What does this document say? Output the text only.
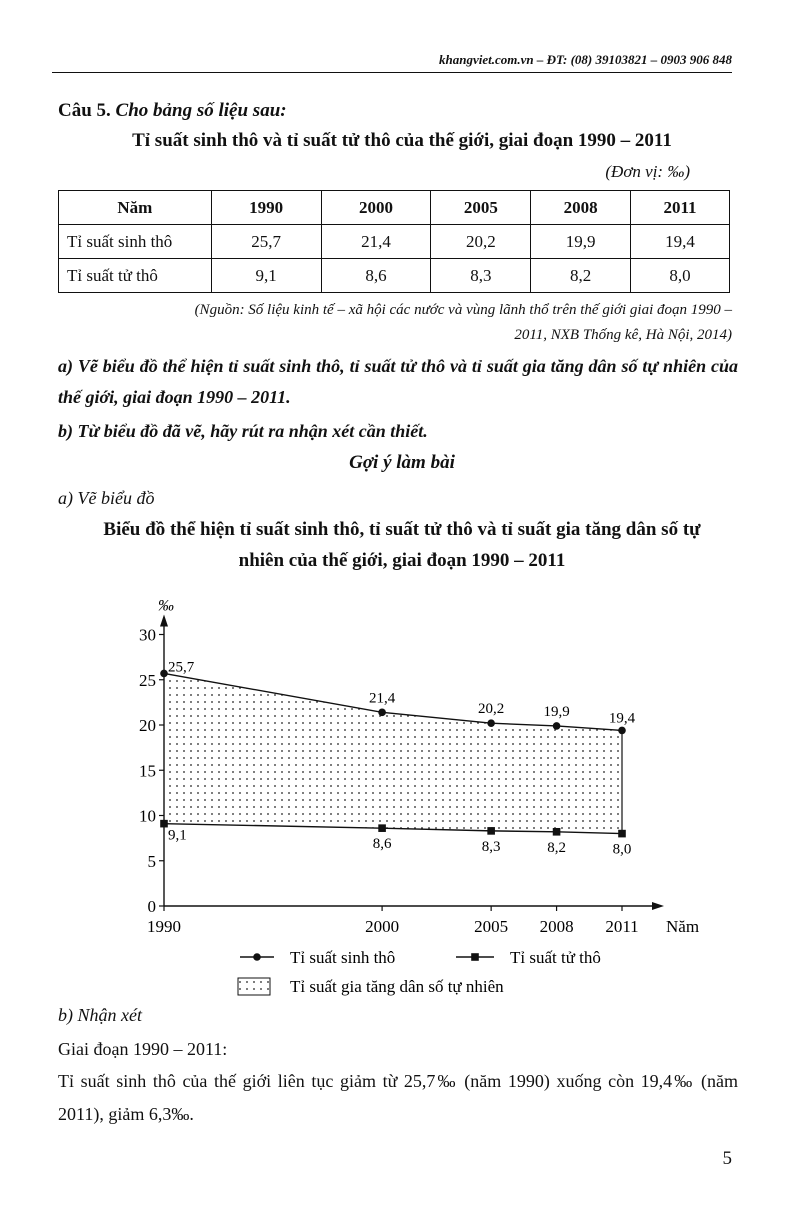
khangviet.com.vn – ĐT: (08) 39103821 – 0903 906 848
Câu 5. Cho bảng số liệu sau:
Tỉ suất sinh thô và tỉ suất tử thô của thế giới, giai đoạn 1990 – 2011
(Đơn vị: ‰)
Năm	1990	2000	2005	2008	2011
Tỉ suất sinh thô	25,7	21,4	20,2	19,9	19,4
Tỉ suất tử thô	9,1	8,6	8,3	8,2	8,0
(Nguồn: Số liệu kinh tế – xã hội các nước và vùng lãnh thổ trên thế giới giai đoạn 1990 –
2011, NXB Thống kê, Hà Nội, 2014)
a) Vẽ biểu đồ thể hiện tỉ suất sinh thô, tỉ suất tử thô và tỉ suất gia tăng dân số tự nhiên của thế giới, giai đoạn 1990 – 2011.
b) Từ biểu đồ đã vẽ, hãy rút ra nhận xét cần thiết.
Gợi ý làm bài
a) Vẽ biểu đồ
Biểu đồ thể hiện tỉ suất sinh thô, tỉ suất tử thô và tỉ suất gia tăng dân số tự
nhiên của thế giới, giai đoạn 1990 – 2011
‰
Năm
0
5
10
15
20
25
30
1990	2000	2005 2008 2011
25,7
21,4
20,2	19,9	19,4
9,1
8,6	8,3	8,2	8,0
Tỉ suất sinh thô	Tỉ suất tử thô
Tỉ suất gia tăng dân số tự nhiên
b) Nhận xét
Giai đoạn 1990 – 2011:
Tỉ suất sinh thô của thế giới liên tục giảm từ 25,7‰ (năm 1990) xuống còn 19,4‰ (năm 2011), giảm 6,3‰.
5
